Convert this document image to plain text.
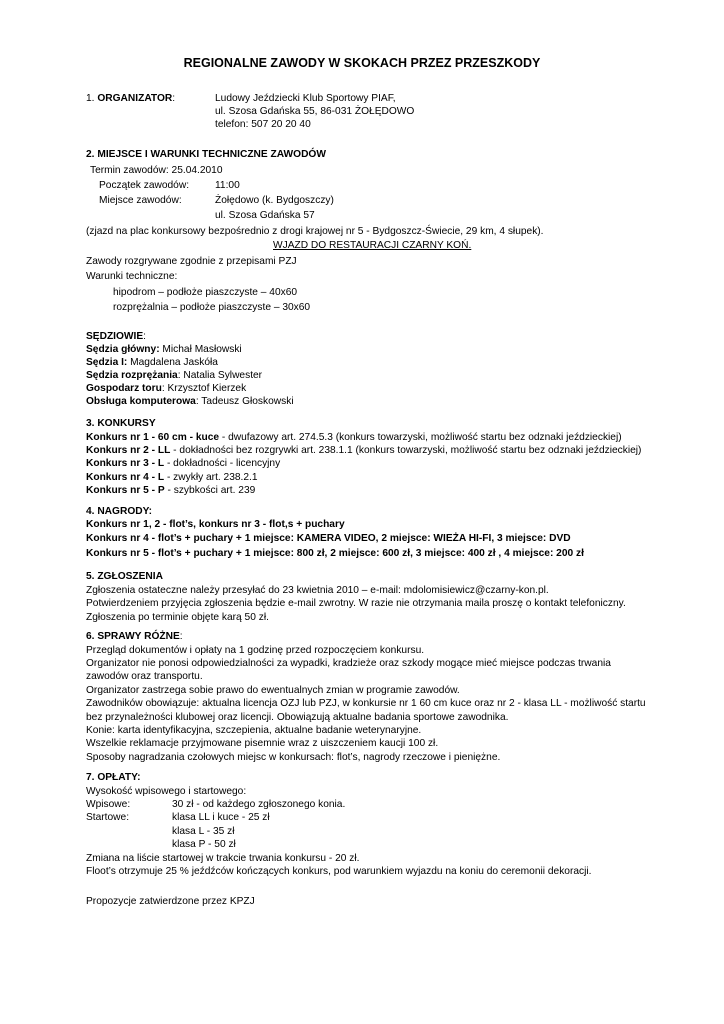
REGIONALNE ZAWODY W SKOKACH PRZEZ PRZESZKODY
1. ORGANIZATOR:	Ludowy Jeździecki Klub Sportowy PIAF,
ul. Szosa Gdańska 55, 86-031 ŻOŁĘDOWO
telefon: 507 20 20 40
2. MIEJSCE I WARUNKI TECHNICZNE ZAWODÓW
Termin zawodów: 25.04.2010
Początek zawodów:	11:00
Miejsce zawodów:	Żołędowo (k. Bydgoszczy)
ul. Szosa Gdańska 57
(zjazd na plac konkursowy bezpośrednio z drogi krajowej nr 5 - Bydgoszcz-Świecie, 29 km, 4 słupek).
WJAZD DO RESTAURACJI CZARNY KOŃ.
Zawody rozgrywane zgodnie z przepisami PZJ
Warunki techniczne:
hipodrom – podłoże piaszczyste – 40x60
rozprężalnia – podłoże piaszczyste – 30x60
SĘDZIOWIE:
Sędzia główny: Michał Masłowski
Sędzia I: Magdalena Jaskóła
Sędzia rozprężania: Natalia Sylwester
Gospodarz toru: Krzysztof Kierzek
Obsługa komputerowa: Tadeusz Głoskowski
3. KONKURSY
Konkurs nr 1 - 60 cm - kuce - dwufazowy art. 274.5.3 (konkurs towarzyski, możliwość startu bez odznaki jeździeckiej)
Konkurs nr 2 - LL - dokładności bez rozgrywki art. 238.1.1 (konkurs towarzyski, możliwość startu bez odznaki jeździeckiej)
Konkurs nr 3 - L - dokładności - licencyjny
Konkurs nr 4 - L - zwykły art. 238.2.1
Konkurs nr 5 - P - szybkości art. 239
4. NAGRODY:
Konkurs nr 1, 2 - flot’s, konkurs nr 3 - flot,s + puchary
Konkurs nr 4 - flot’s + puchary + 1 miejsce: KAMERA VIDEO, 2 miejsce: WIEŻA HI-FI, 3 miejsce: DVD
Konkurs nr 5 - flot’s + puchary + 1 miejsce: 800 zł, 2 miejsce: 600 zł, 3 miejsce: 400 zł , 4 miejsce: 200 zł
5. ZGŁOSZENIA
Zgłoszenia ostateczne należy przesyłać do 23 kwietnia 2010 – e-mail: mdolomisiewicz@czarny-kon.pl.
Potwierdzeniem przyjęcia zgłoszenia będzie e-mail zwrotny. W razie nie otrzymania maila proszę o kontakt telefoniczny.
Zgłoszenia po terminie objęte karą 50 zł.
6. SPRAWY RÓŻNE:
Przegląd dokumentów i opłaty na 1 godzinę przed rozpoczęciem konkursu.
Organizator nie ponosi odpowiedzialności za wypadki, kradzieże oraz szkody mogące mieć miejsce podczas trwania
zawodów oraz transportu.
Organizator zastrzega sobie prawo do ewentualnych zmian w programie zawodów.
Zawodników obowiązuje: aktualna licencja OZJ lub PZJ, w konkursie nr 1 60 cm kuce oraz nr 2 - klasa LL - możliwość startu
bez przynależności klubowej oraz licencji. Obowiązują aktualne badania sportowe zawodnika.
Konie: karta identyfikacyjna, szczepienia, aktualne badanie weterynaryjne.
Wszelkie reklamacje przyjmowane pisemnie wraz z uiszczeniem kaucji 100 zł.
Sposoby nagradzania czołowych miejsc w konkursach: flot’s, nagrody rzeczowe i pieniężne.
7. OPŁATY:
Wysokość wpisowego i startowego:
Wpisowe:	30 zł - od każdego zgłoszonego konia.
Startowe:	klasa LL i kuce - 25 zł
klasa L - 35 zł
klasa P - 50 zł
Zmiana na liście startowej w trakcie trwania konkursu - 20 zł.
Floot’s otrzymuje 25 % jeźdźców kończących konkurs, pod warunkiem wyjazdu na koniu do ceremonii dekoracji.
Propozycje zatwierdzone przez KPZJ
